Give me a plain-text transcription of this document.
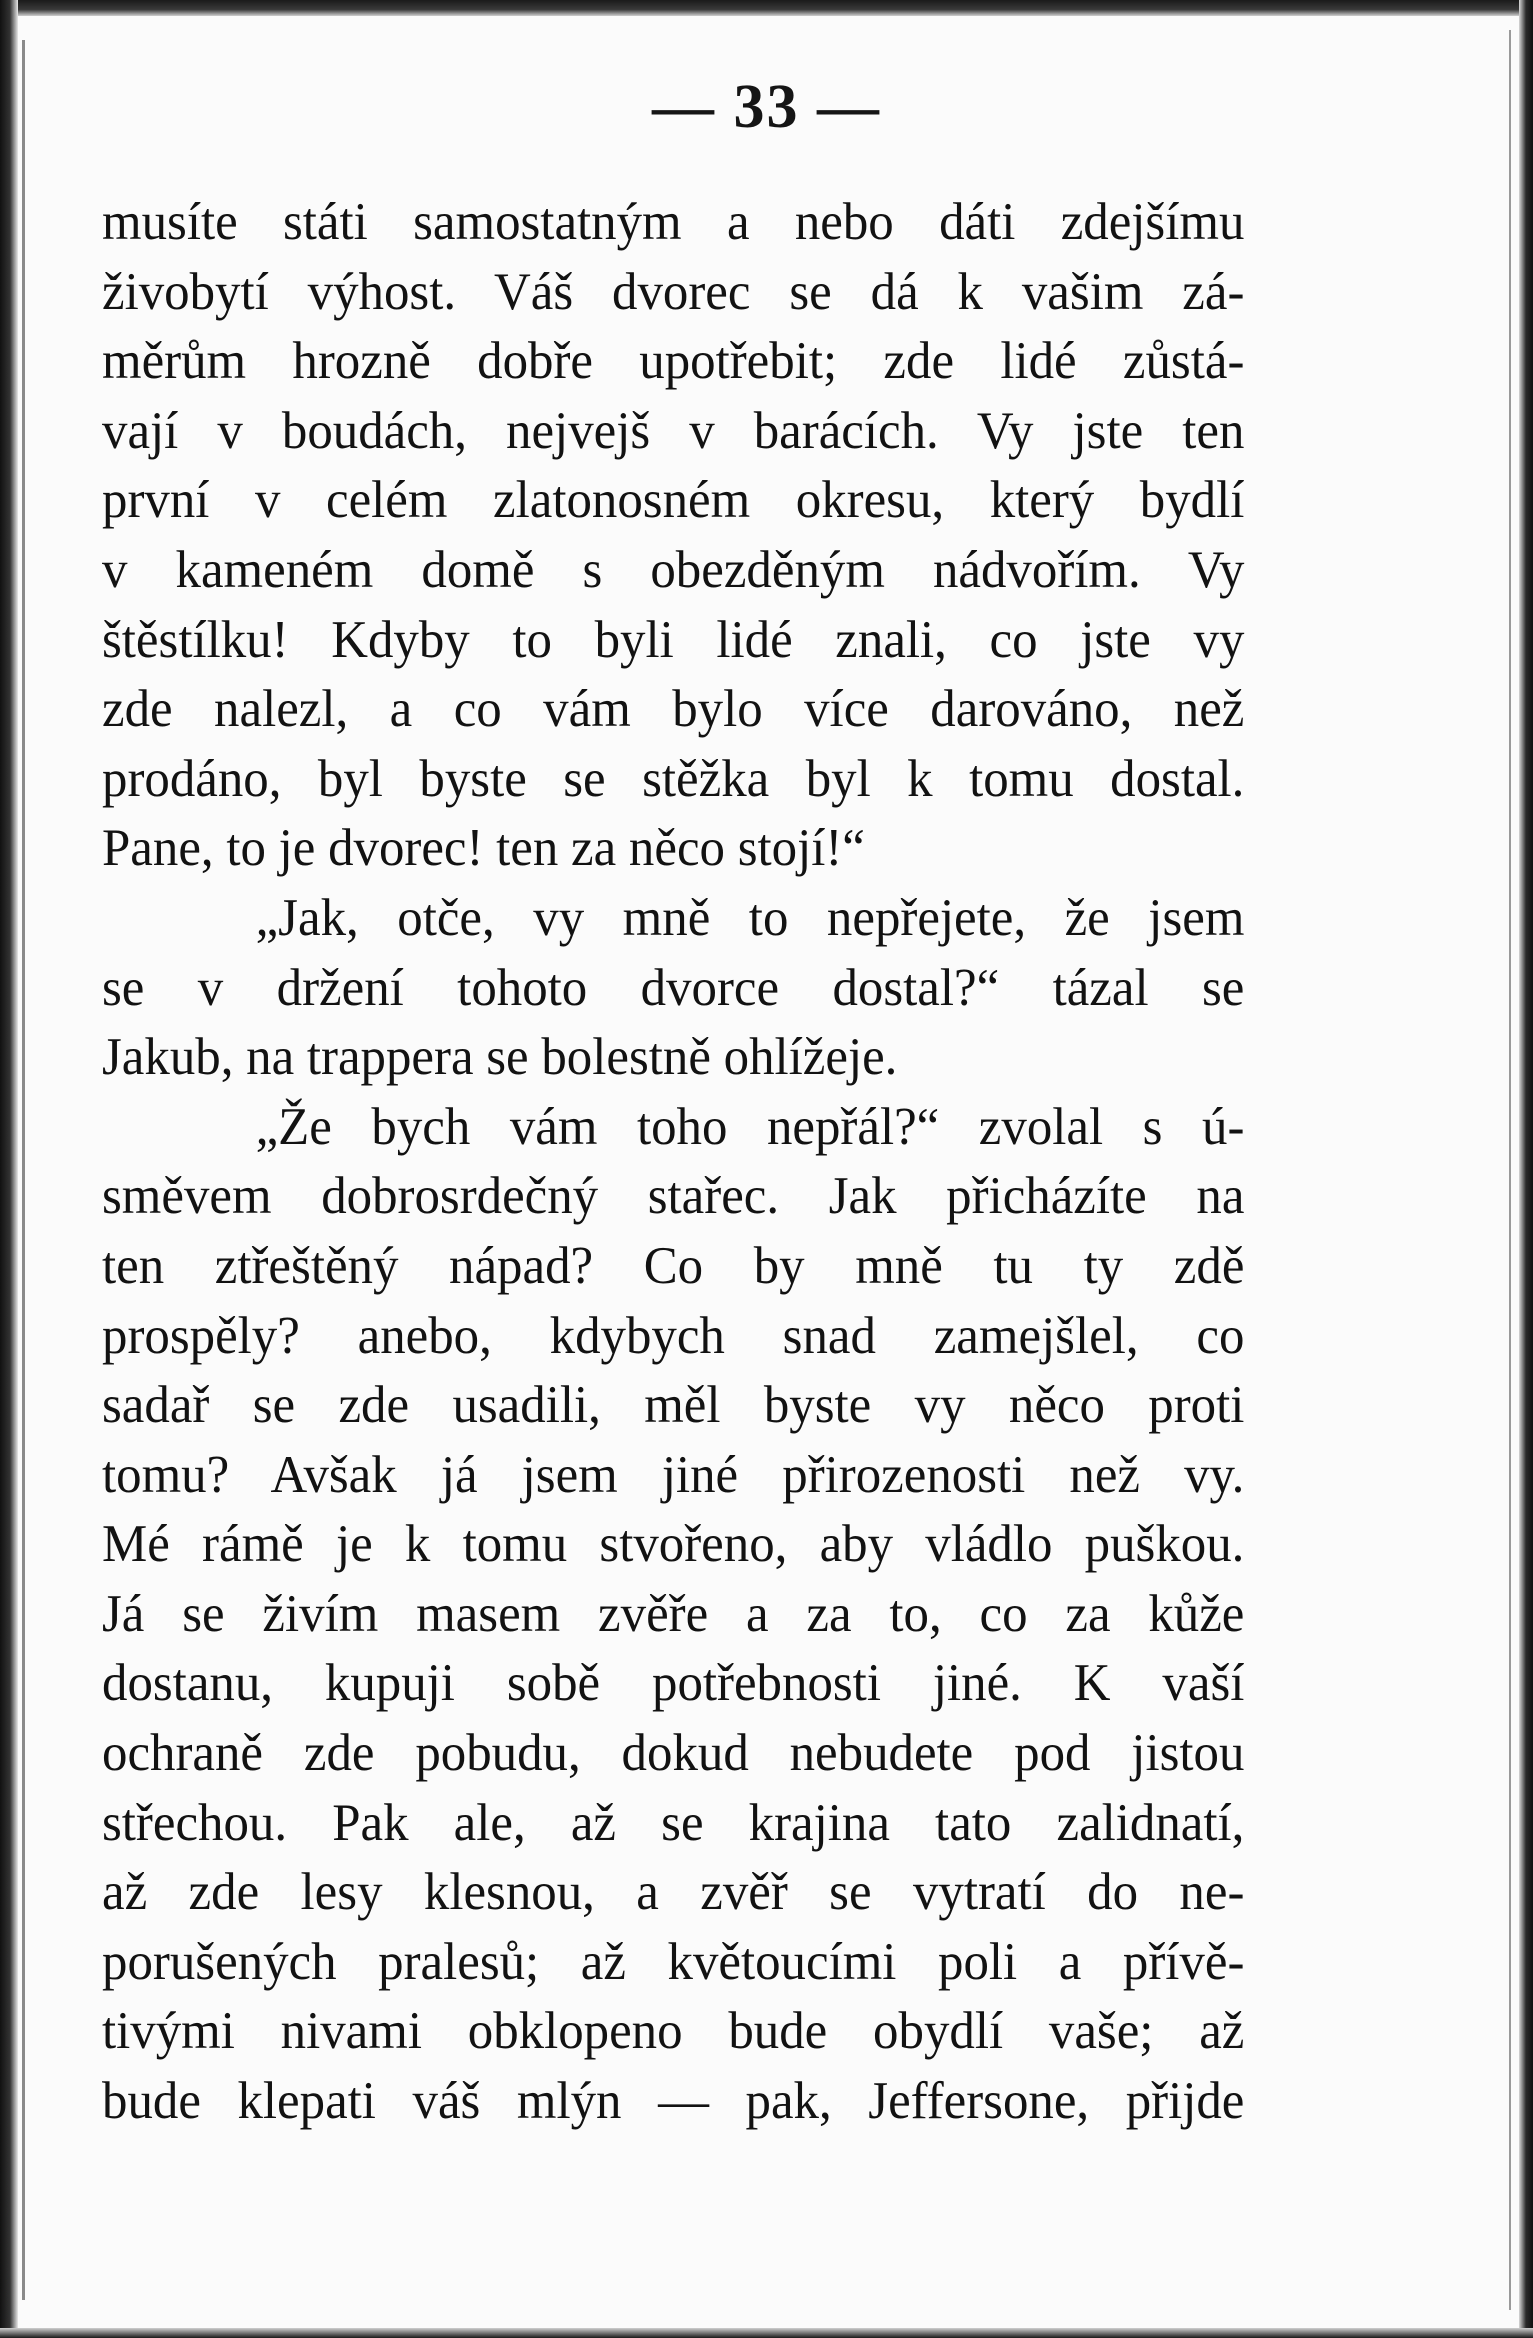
— 33 —
musíte státi samostatným a nebo dáti zdejšímu
živobytí výhost. Váš dvorec se dá k vašim zá-
měrům hrozně dobře upotřebit; zde lidé zůstá-
vají v boudách, nejvejš v barácích. Vy jste ten
první v celém zlatonosném okresu, který bydlí
v kameném domě s obezděným nádvořím. Vy
štěstílku! Kdyby to byli lidé znali, co jste vy
zde nalezl, a co vám bylo více darováno, než
prodáno, byl byste se stěžka byl k tomu dostal.
Pane, to je dvorec! ten za něco stojí!“
„Jak, otče, vy mně to nepřejete, že jsem
se v držení tohoto dvorce dostal?“ tázal se
Jakub, na trappera se bolestně ohlížeje.
„Že bych vám toho nepřál?“ zvolal s ú-
směvem dobrosrdečný stařec. Jak přicházíte na
ten ztřeštěný nápad? Co by mně tu ty zdě
prospěly? anebo, kdybych snad zamejšlel, co
sadař se zde usadili, měl byste vy něco proti
tomu? Avšak já jsem jiné přirozenosti než vy.
Mé rámě je k tomu stvořeno, aby vládlo puškou.
Já se živím masem zvěře a za to, co za kůže
dostanu, kupuji sobě potřebnosti jiné. K vaší
ochraně zde pobudu, dokud nebudete pod jistou
střechou. Pak ale, až se krajina tato zalidnatí,
až zde lesy klesnou, a zvěř se vytratí do ne-
porušených pralesů; až květoucími poli a přívě-
tivými nivami obklopeno bude obydlí vaše; až
bude klepati váš mlýn — pak, Jeffersone, přijde
